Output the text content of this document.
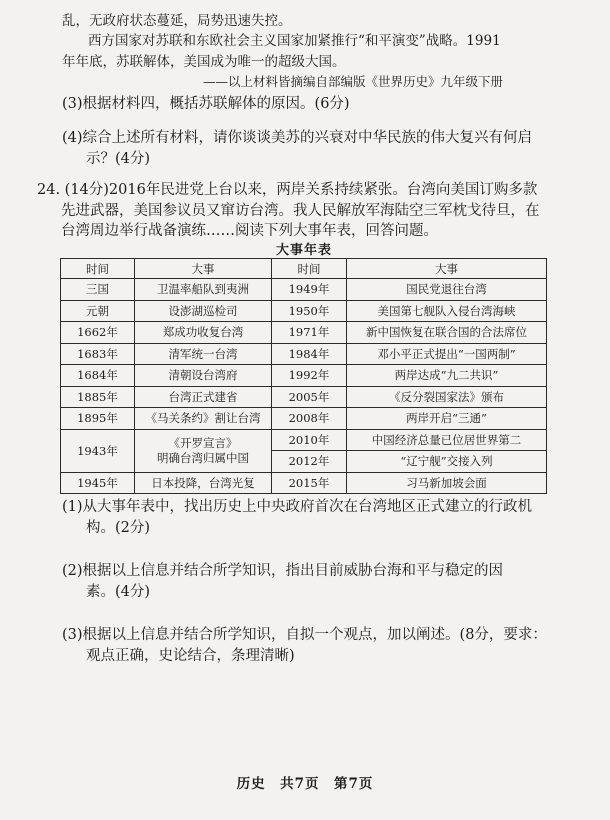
乱，无政府状态蔓延，局势迅速失控。
西方国家对苏联和东欧社会主义国家加紧推行“和平演变”战略。1991
年年底，苏联解体，美国成为唯一的超级大国。
——以上材料皆摘编自部编版《世界历史》九年级下册
(3)根据材料四，概括苏联解体的原因。(6分)
(4)综合上述所有材料，请你谈谈美苏的兴衰对中华民族的伟大复兴有何启
示？(4分)
24. (14分)2016年民进党上台以来，两岸关系持续紧张。台湾向美国订购多款
先进武器，美国参议员又窜访台湾。我人民解放军海陆空三军枕戈待旦，在
台湾周边举行战备演练……阅读下列大事年表，回答问题。
大事年表
时间	大事	时间	大事
三国	卫温率船队到夷洲	1949年	国民党退往台湾
元朝	设澎湖巡检司	1950年	美国第七舰队入侵台湾海峡
1662年	郑成功收复台湾	1971年	新中国恢复在联合国的合法席位
1683年	清军统一台湾	1984年	邓小平正式提出“一国两制”
1684年	清朝设台湾府	1992年	两岸达成“九二共识”
1885年	台湾正式建省	2005年	《反分裂国家法》颁布
1895年	《马关条约》割让台湾	2008年	两岸开启“三通”
1943年	《开罗宣言》
明确台湾归属中国	2010年	中国经济总量已位居世界第二
		2012年	“辽宁舰”交接入列
1945年	日本投降，台湾光复	2015年	习马新加坡会面
(1)从大事年表中，找出历史上中央政府首次在台湾地区正式建立的行政机
构。(2分)
(2)根据以上信息并结合所学知识，指出目前威胁台海和平与稳定的因
素。(4分)
(3)根据以上信息并结合所学知识，自拟一个观点，加以阐述。(8分，要求：
观点正确，史论结合，条理清晰)
历史　共7页　第7页
